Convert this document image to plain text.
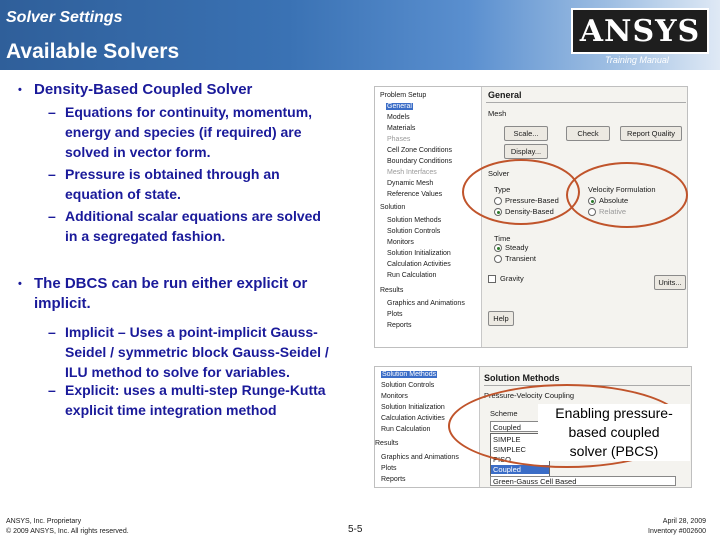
Solver Settings
Available Solvers
ANSYS
Training Manual
• Density-Based Coupled Solver
– Equations for continuity, momentum,
energy and species (if required) are
solved in vector form.
– Pressure is obtained through an
equation of state.
– Additional scalar equations are solved
in a segregated fashion.
• The DBCS can be run either explicit or
implicit.
– Implicit – Uses a point-implicit Gauss-
Seidel / symmetric block Gauss-Seidel /
ILU method to solve for variables.
– Explicit: uses a multi-step Runge-Kutta
explicit time integration method
Problem Setup
General
Models
Materials
Phases
Cell Zone Conditions
Boundary Conditions
Mesh Interfaces
Dynamic Mesh
Reference Values
Solution
Solution Methods
Solution Controls
Monitors
Solution Initialization
Calculation Activities
Run Calculation
Results
Graphics and Animations
Plots
Reports
General
Mesh
Scale...	Check	Report Quality
Display...
Solver
Type
Pressure-Based
Density-Based
Velocity Formulation
Absolute
Relative
Time
Steady
Transient
Gravity	Units...
Help
Solution Methods
Solution Controls
Monitors
Solution Initialization
Calculation Activities
Run Calculation
Results
Graphics and Animations
Plots
Reports
Solution Methods
Pressure-Velocity Coupling
Scheme
Coupled
SIMPLE
SIMPLEC
PISO
Coupled
Green-Gauss Cell Based
Enabling pressure-
based coupled
solver (PBCS)
ANSYS, Inc. Proprietary
© 2009 ANSYS, Inc. All rights reserved.	5-5
April 28, 2009
Inventory #002600
